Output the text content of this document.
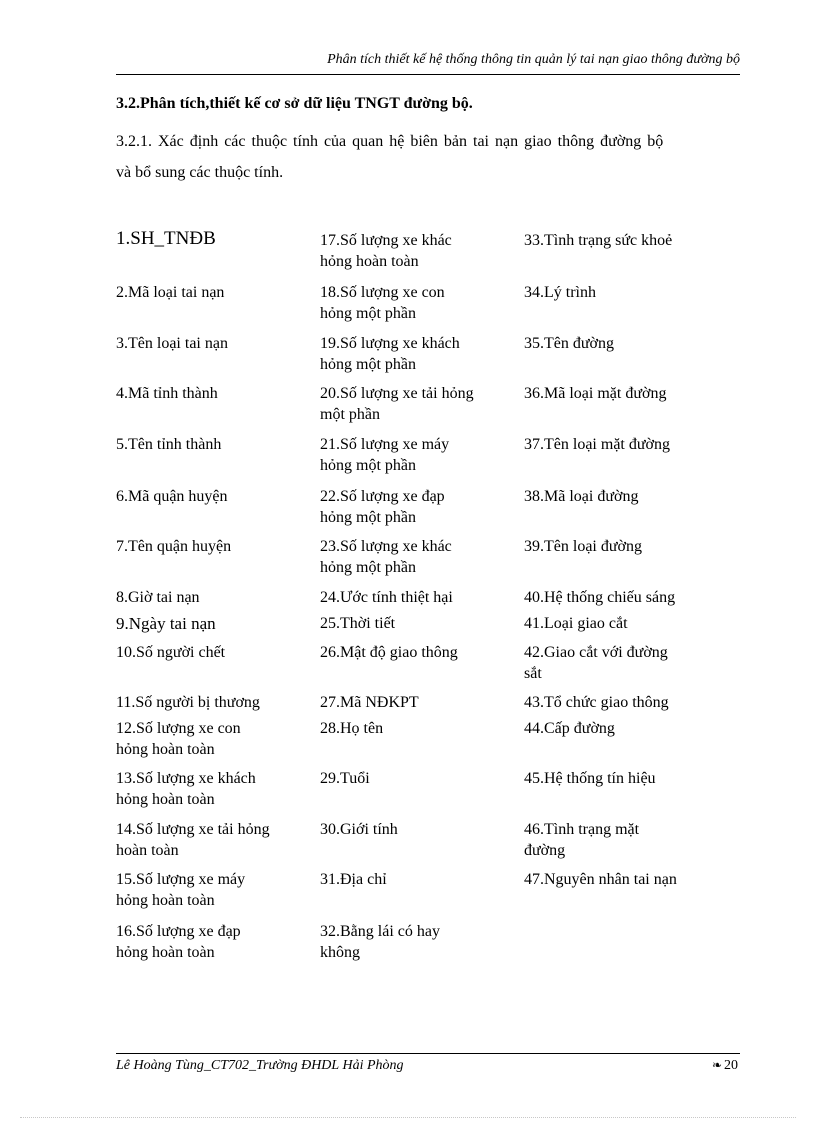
Phân tích thiết kế hệ thống thông tin quản lý tai nạn giao thông đường bộ
3.2.Phân tích,thiết kế cơ sở dữ liệu TNGT đường bộ.
3.2.1. Xác định các thuộc tính của quan hệ biên bản tai nạn giao thông đường bộ
và bổ sung các thuộc tính.
1.SH_TNĐB
2.Mã loại tai nạn
3.Tên loại tai nạn
4.Mã tỉnh thành
5.Tên tỉnh thành
6.Mã quận huyện
7.Tên quận huyện
8.Giờ tai nạn
9.Ngày tai nạn
10.Số người chết
11.Số người bị thương
12.Số lượng xe con
hỏng hoàn toàn
13.Số lượng xe khách
hỏng hoàn toàn
14.Số lượng xe tải hỏng
hoàn toàn
15.Số lượng xe máy
hỏng hoàn toàn
16.Số lượng xe đạp
hỏng hoàn toàn
17.Số lượng xe khác
hỏng hoàn toàn
18.Số lượng xe con
hỏng một phần
19.Số lượng xe khách
hỏng một phần
20.Số lượng xe tải hỏng
một phần
21.Số lượng xe máy
hỏng một phần
22.Số lượng xe đạp
hỏng một phần
23.Số lượng xe khác
hỏng một phần
24.Ước tính thiệt hại
25.Thời tiết
26.Mật độ giao thông
27.Mã NĐKPT
28.Họ tên
29.Tuổi
30.Giới tính
31.Địa chỉ
32.Bằng lái có hay
không
33.Tình trạng sức khoẻ
34.Lý trình
35.Tên đường
36.Mã loại mặt đường
37.Tên loại mặt đường
38.Mã loại đường
39.Tên loại đường
40.Hệ thống chiếu sáng
41.Loại giao cắt
42.Giao cắt với đường
sắt
43.Tổ chức giao thông
44.Cấp đường
45.Hệ thống tín hiệu
46.Tình trạng mặt
đường
47.Nguyên nhân tai nạn
Lê Hoàng Tùng_CT702_Trường ĐHDL Hải Phòng	❧ 20
